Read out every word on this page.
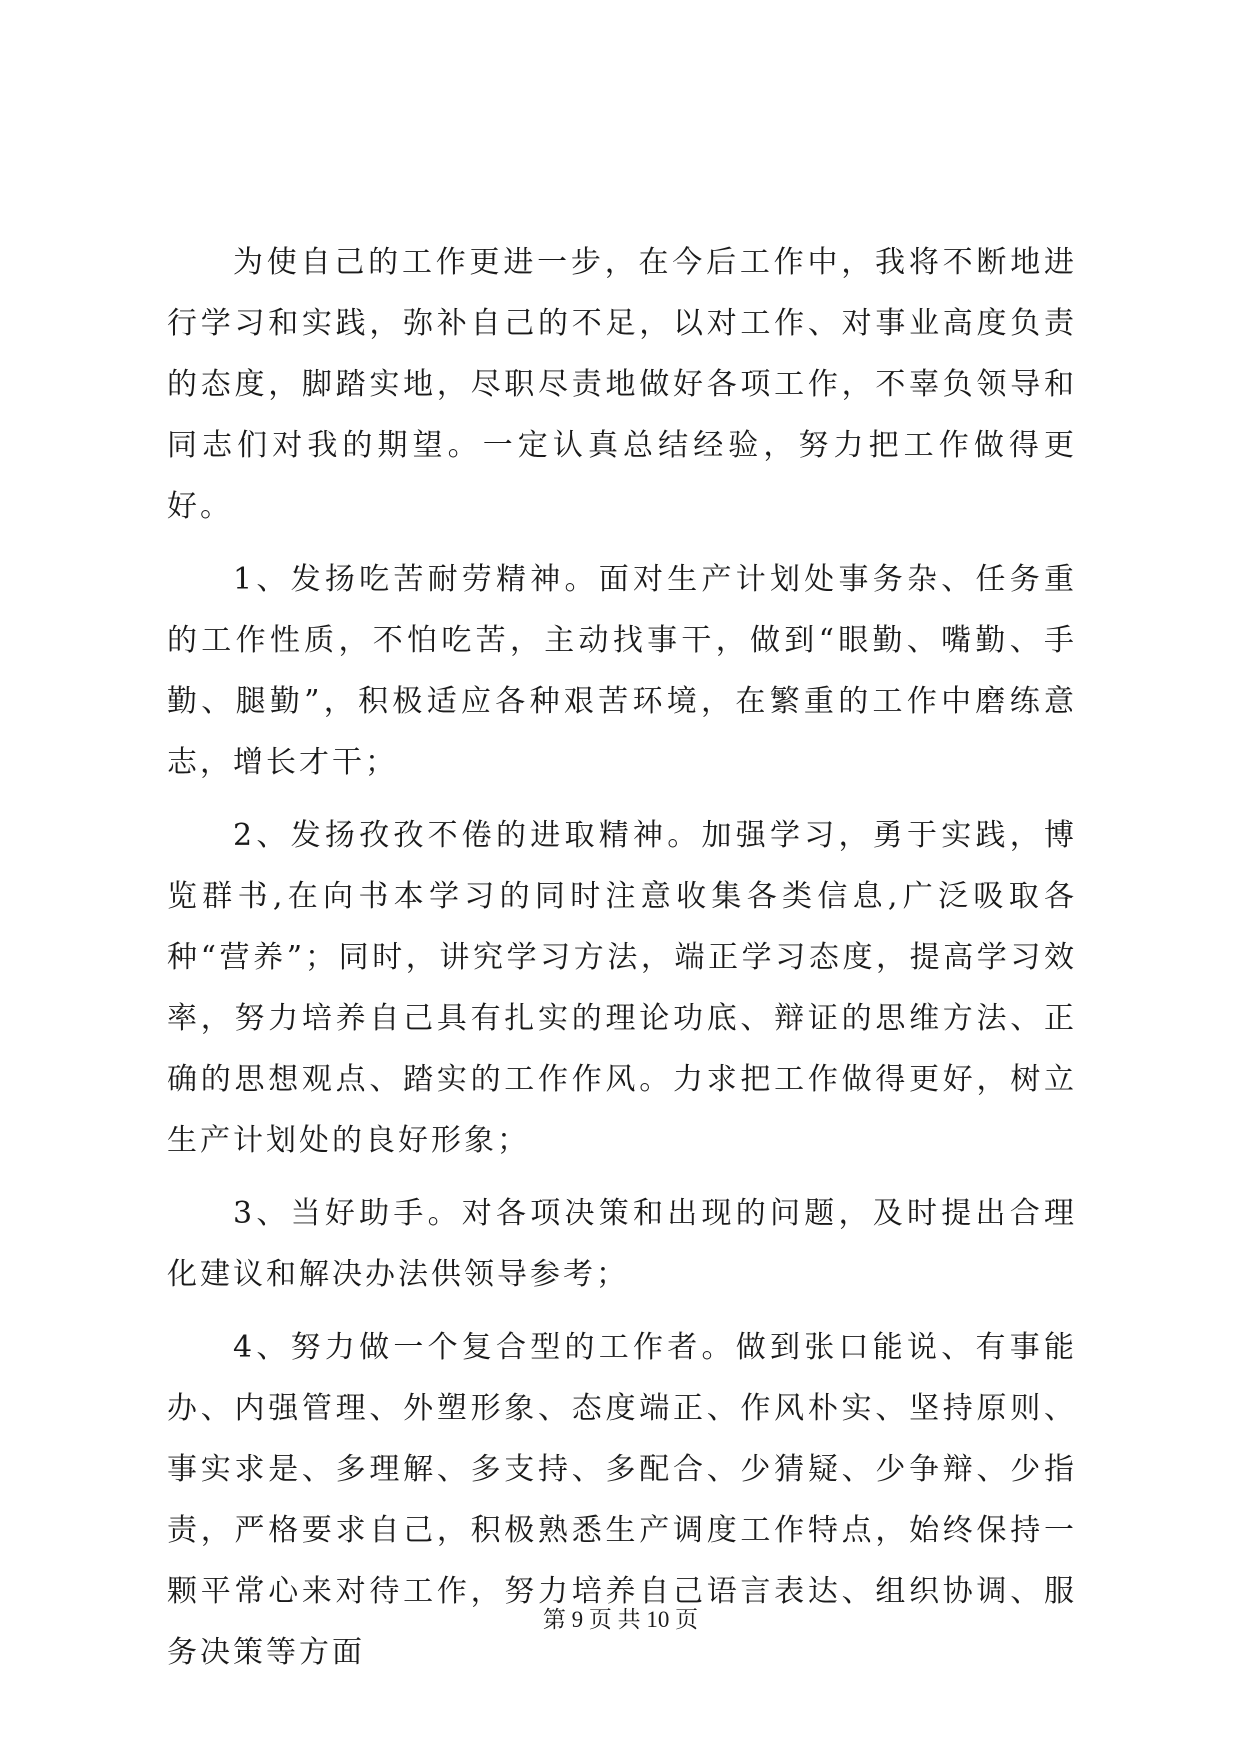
为使自己的工作更进一步，在今后工作中，我将不断地进行学习和实践，弥补自己的不足，以对工作、对事业高度负责的态度，脚踏实地，尽职尽责地做好各项工作，不辜负领导和同志们对我的期望。一定认真总结经验，努力把工作做得更好。

1、发扬吃苦耐劳精神。面对生产计划处事务杂、任务重的工作性质，不怕吃苦，主动找事干，做到“眼勤、嘴勤、手勤、腿勤”，积极适应各种艰苦环境，在繁重的工作中磨练意志，增长才干；

2、发扬孜孜不倦的进取精神。加强学习，勇于实践，博览群书,在向书本学习的同时注意收集各类信息,广泛吸取各种“营养”；同时，讲究学习方法，端正学习态度，提高学习效率，努力培养自己具有扎实的理论功底、辩证的思维方法、正确的思想观点、踏实的工作作风。力求把工作做得更好，树立生产计划处的良好形象；

3、当好助手。对各项决策和出现的问题，及时提出合理化建议和解决办法供领导参考；

4、努力做一个复合型的工作者。做到张口能说、有事能办、内强管理、外塑形象、态度端正、作风朴实、坚持原则、事实求是、多理解、多支持、多配合、少猜疑、少争辩、少指责，严格要求自己，积极熟悉生产调度工作特点，始终保持一颗平常心来对待工作，努力培养自己语言表达、组织协调、服务决策等方面

第 9 页 共 10 页
